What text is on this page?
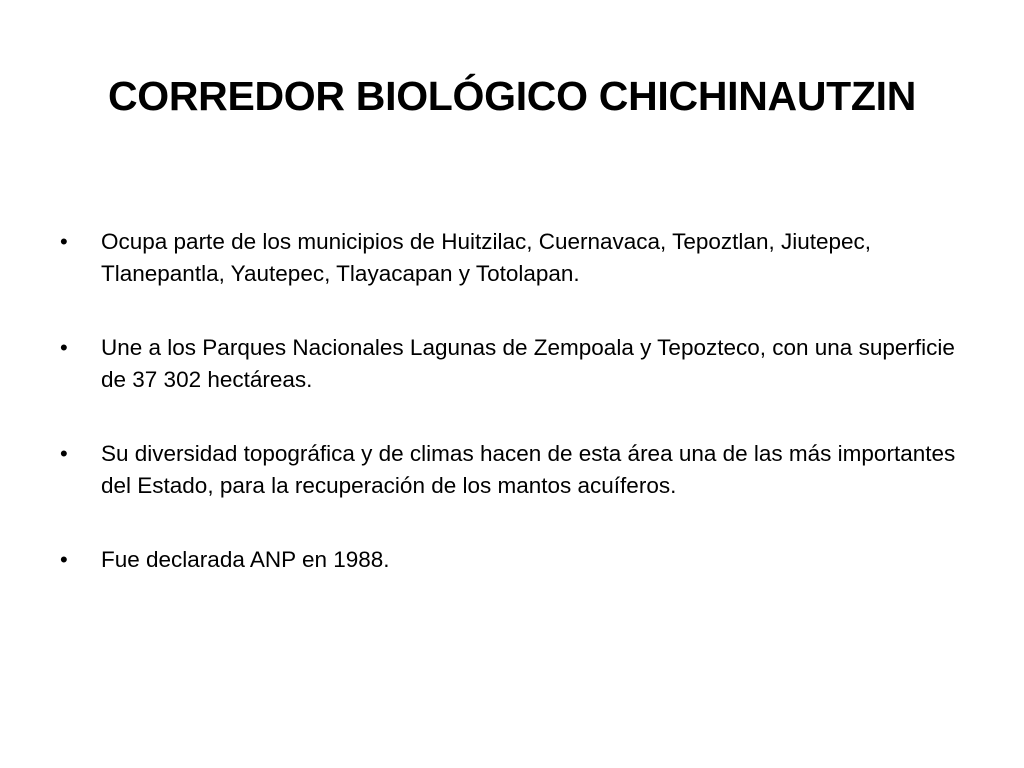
CORREDOR BIOLÓGICO CHICHINAUTZIN
•	Ocupa parte de los municipios de Huitzilac, Cuernavaca, Tepoztlan, Jiutepec, Tlanepantla, Yautepec, Tlayacapan y Totolapan.
•	Une a los Parques Nacionales Lagunas de Zempoala y Tepozteco, con una superficie de 37 302 hectáreas.
•	Su diversidad topográfica y de climas hacen de esta área una de las más importantes del Estado, para la recuperación de los mantos acuíferos.
•	Fue declarada ANP en 1988.
